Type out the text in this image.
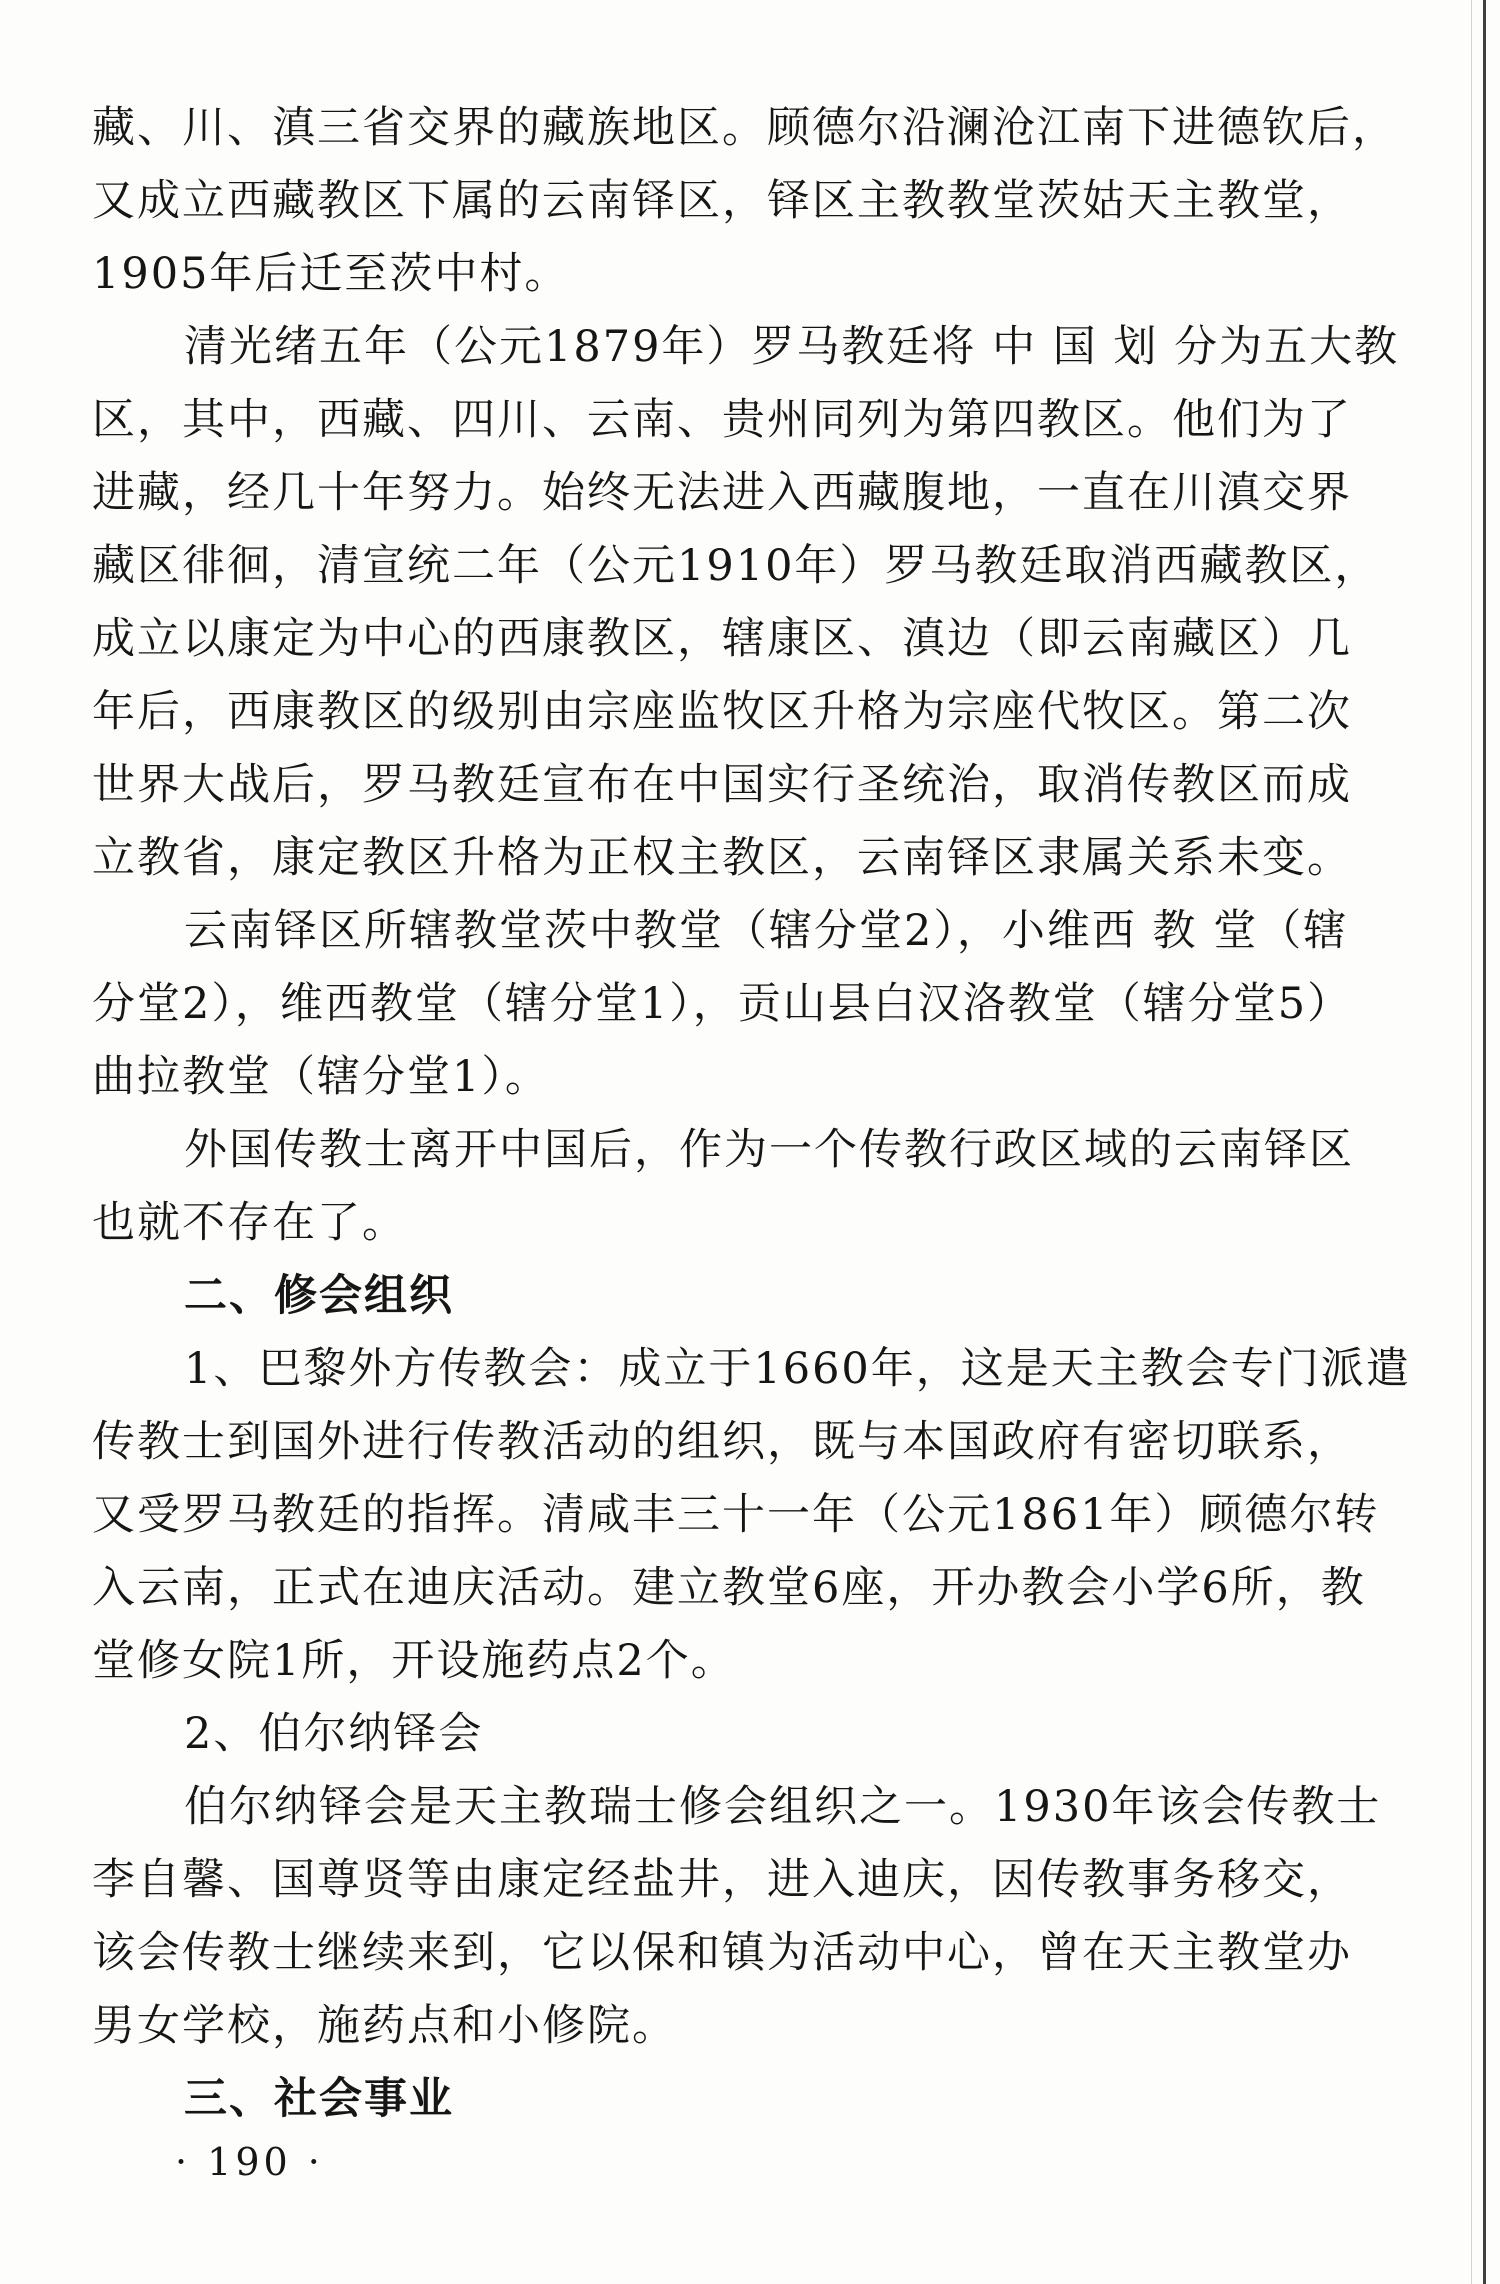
藏、川、滇三省交界的藏族地区。顾德尔沿澜沧江南下进德钦后，
又成立西藏教区下属的云南铎区，铎区主教教堂茨姑天主教堂，
1905年后迁至茨中村。

清光绪五年（公元1879年）罗马教廷将 中 国 划 分为五大教
区，其中，西藏、四川、云南、贵州同列为第四教区。他们为了
进藏，经几十年努力。始终无法进入西藏腹地，一直在川滇交界
藏区徘徊，清宣统二年（公元1910年）罗马教廷取消西藏教区，
成立以康定为中心的西康教区，辖康区、滇边（即云南藏区）几
年后，西康教区的级别由宗座监牧区升格为宗座代牧区。第二次
世界大战后，罗马教廷宣布在中国实行圣统治，取消传教区而成
立教省，康定教区升格为正权主教区，云南铎区隶属关系未变。

云南铎区所辖教堂茨中教堂（辖分堂2），小维西 教 堂（辖
分堂2），维西教堂（辖分堂1），贡山县白汉洛教堂（辖分堂5）
曲拉教堂（辖分堂1）。

外国传教士离开中国后，作为一个传教行政区域的云南铎区
也就不存在了。

二、修会组织

1、巴黎外方传教会：成立于1660年，这是天主教会专门派遣
传教士到国外进行传教活动的组织，既与本国政府有密切联系，
又受罗马教廷的指挥。清咸丰三十一年（公元1861年）顾德尔转
入云南，正式在迪庆活动。建立教堂6座，开办教会小学6所，教
堂修女院1所，开设施药点2个。

2、伯尔纳铎会

伯尔纳铎会是天主教瑞士修会组织之一。1930年该会传教士
李自馨、国尊贤等由康定经盐井，进入迪庆，因传教事务移交，
该会传教士继续来到，它以保和镇为活动中心，曾在天主教堂办
男女学校，施药点和小修院。

三、社会事业
· 190 ·
